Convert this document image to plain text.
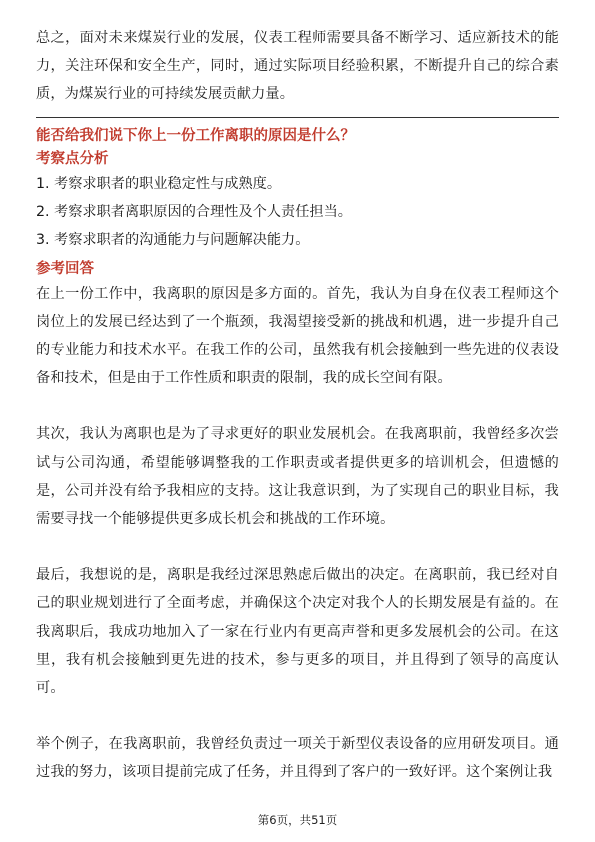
总之，面对未来煤炭行业的发展，仪表工程师需要具备不断学习、适应新技术的能力，关注环保和安全生产，同时，通过实际项目经验积累，不断提升自己的综合素质，为煤炭行业的可持续发展贡献力量。

能否给我们说下你上一份工作离职的原因是什么？
考察点分析
1. 考察求职者的职业稳定性与成熟度。
2. 考察求职者离职原因的合理性及个人责任担当。
3. 考察求职者的沟通能力与问题解决能力。
参考回答

在上一份工作中，我离职的原因是多方面的。首先，我认为自身在仪表工程师这个岗位上的发展已经达到了一个瓶颈，我渴望接受新的挑战和机遇，进一步提升自己的专业能力和技术水平。在我工作的公司，虽然我有机会接触到一些先进的仪表设备和技术，但是由于工作性质和职责的限制，我的成长空间有限。

其次，我认为离职也是为了寻求更好的职业发展机会。在我离职前，我曾经多次尝试与公司沟通，希望能够调整我的工作职责或者提供更多的培训机会，但遗憾的是，公司并没有给予我相应的支持。这让我意识到，为了实现自己的职业目标，我需要寻找一个能够提供更多成长机会和挑战的工作环境。

最后，我想说的是，离职是我经过深思熟虑后做出的决定。在离职前，我已经对自己的职业规划进行了全面考虑，并确保这个决定对我个人的长期发展是有益的。在我离职后，我成功地加入了一家在行业内有更高声誉和更多发展机会的公司。在这里，我有机会接触到更先进的技术，参与更多的项目，并且得到了领导的高度认可。

举个例子，在我离职前，我曾经负责过一项关于新型仪表设备的应用研发项目。通过我的努力，该项目提前完成了任务，并且得到了客户的一致好评。这个案例让我

第6页，共51页
